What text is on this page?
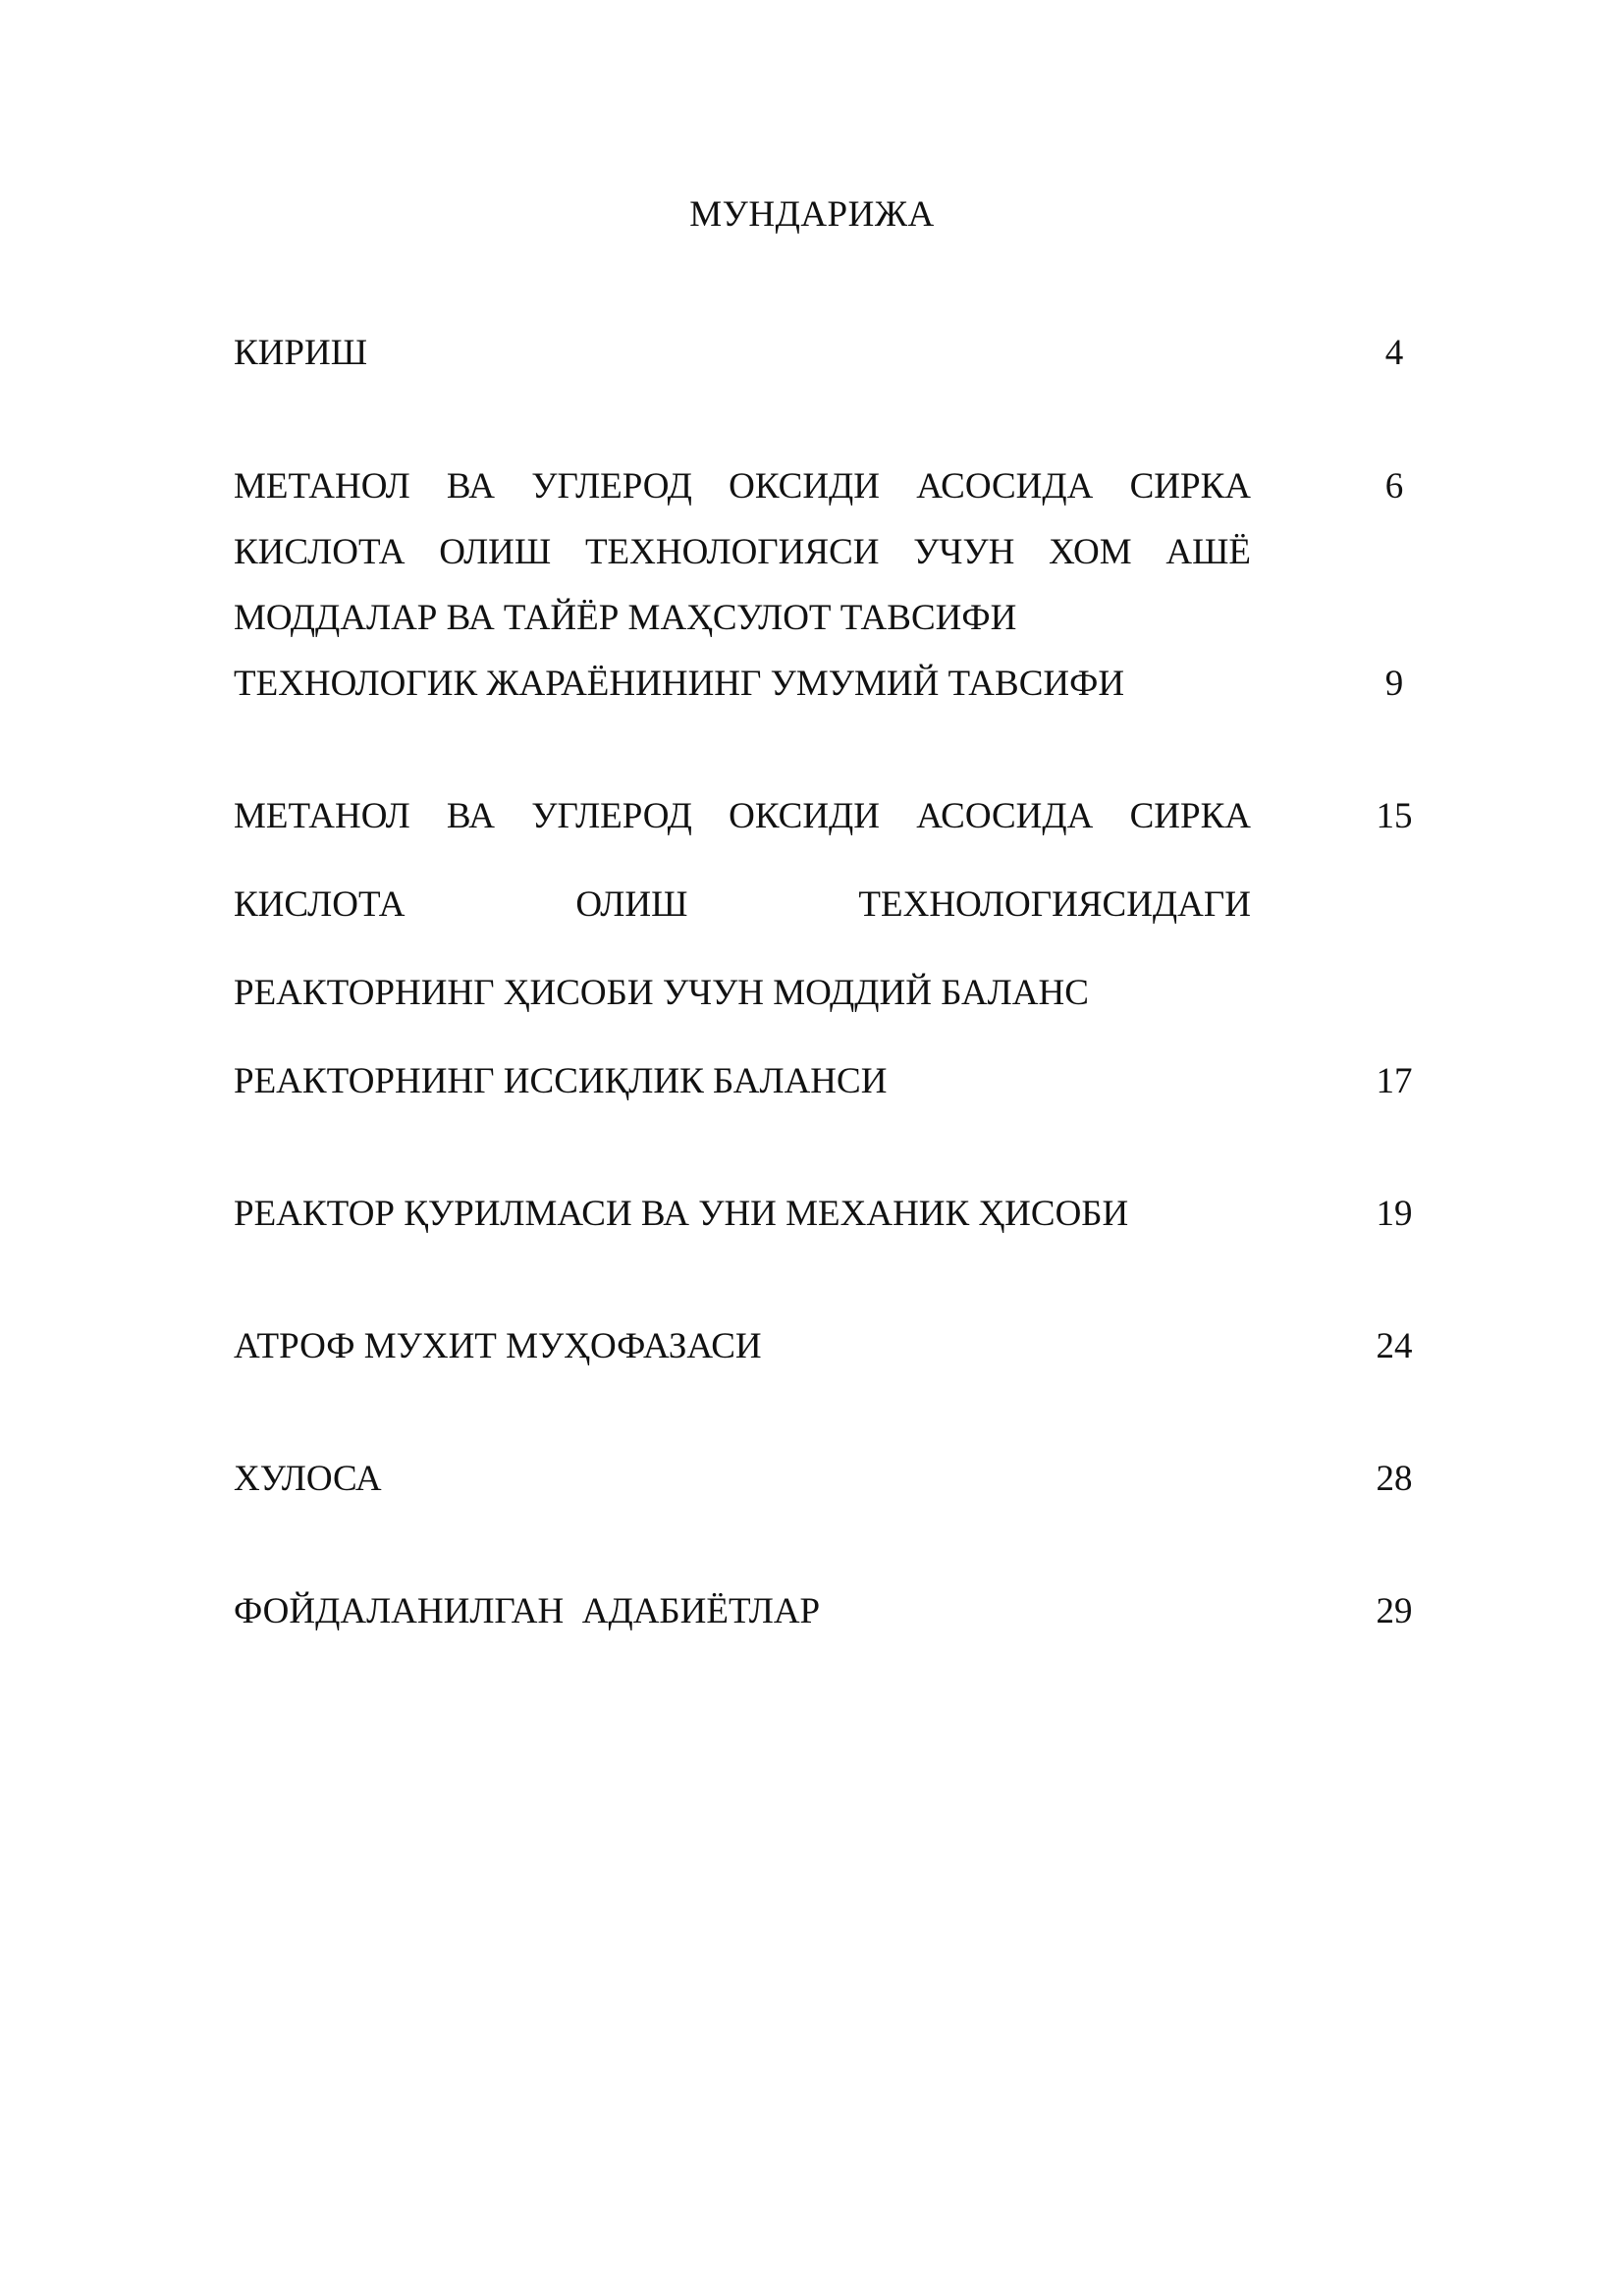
МУНДАРИЖА
КИРИШ	4
МЕТАНОЛ ВА УГЛЕРОД ОКСИДИ АСОСИДА СИРКА	6
КИСЛОТА ОЛИШ ТЕХНОЛОГИЯСИ УЧУН ХОМ АШЁ
МОДДАЛАР ВА ТАЙЁР МАҲСУЛОТ ТАВСИФИ
ТЕХНОЛОГИК ЖАРАЁНИНИНГ УМУМИЙ ТАВСИФИ	9
МЕТАНОЛ ВА УГЛЕРОД ОКСИДИ АСОСИДА СИРКА	15
КИСЛОТА ОЛИШ ТЕХНОЛОГИЯСИДАГИ
РЕАКТОРНИНГ ҲИСОБИ УЧУН МОДДИЙ БАЛАНС
РЕАКТОРНИНГ ИССИҚЛИК БАЛАНСИ	17
РЕАКТОР ҚУРИЛМАСИ ВА УНИ МЕХАНИК ҲИСОБИ	19
АТРОФ МУХИТ МУҲОФАЗАСИ	24
ХУЛОСА	28
ФОЙДАЛАНИЛГАН  АДАБИЁТЛАР	29
